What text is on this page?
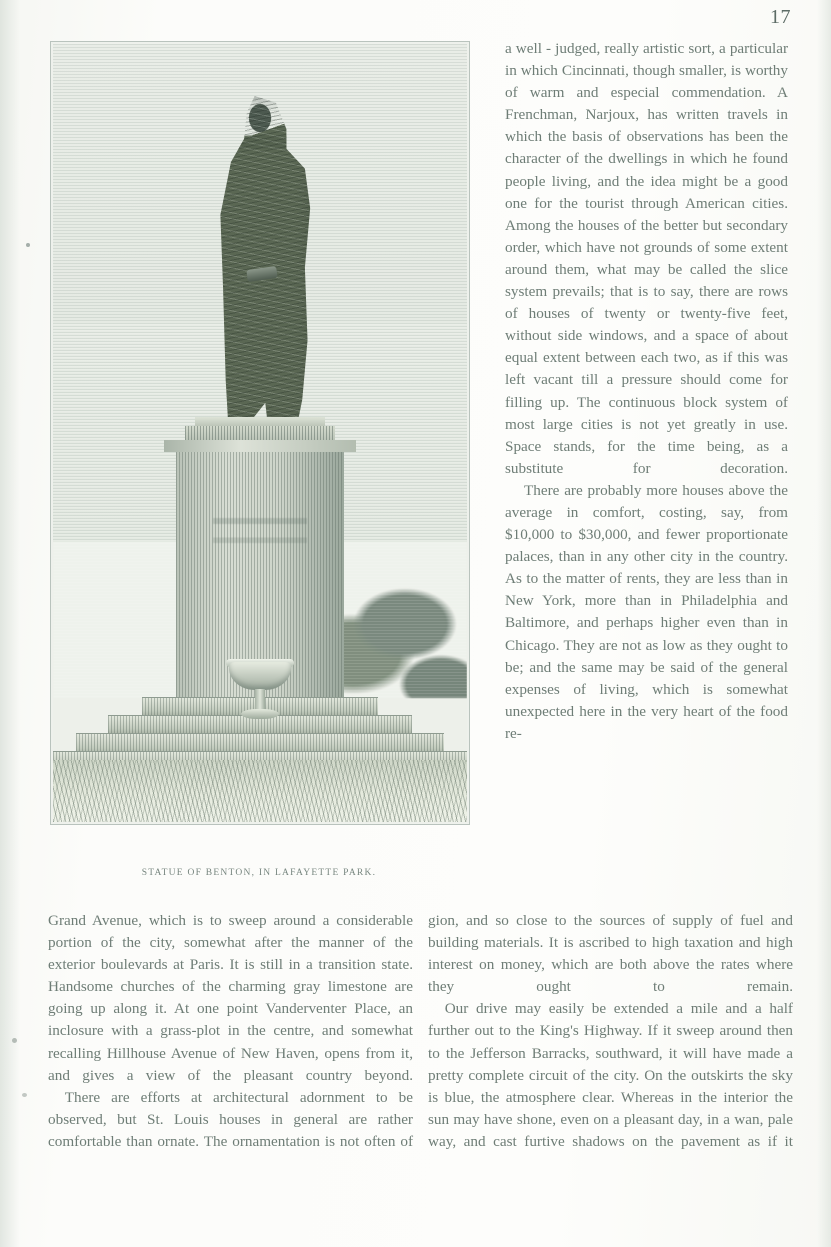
17
STATUE OF BENTON, IN LAFAYETTE PARK.

a well - judged, really artistic sort, a particular in which Cincinnati, though smaller, is worthy of warm and especial commendation. A Frenchman, Narjoux, has written travels in which the basis of observations has been the character of the dwellings in which he found people living, and the idea might be a good one for the tourist through American cities. Among the houses of the better but secondary order, which have not grounds of some extent around them, what may be called the slice system prevails; that is to say, there are rows of houses of twenty or twenty-five feet, without side windows, and a space of about equal extent between each two, as if this was left vacant till a pressure should come for filling up. The continuous block system of most large cities is not yet greatly in use. Space stands, for the time being, as a substitute for decoration.

There are probably more houses above the average in comfort, costing, say, from $10,000 to $30,000, and fewer proportionate palaces, than in any other city in the country. As to the matter of rents, they are less than in New York, more than in Philadelphia and Baltimore, and perhaps higher even than in Chicago. They are not as low as they ought to be; and the same may be said of the general expenses of living, which is somewhat unexpected here in the very heart of the food re-

Grand Avenue, which is to sweep around a considerable portion of the city, somewhat after the manner of the exterior boulevards at Paris. It is still in a transition state. Handsome churches of the charming gray limestone are going up along it. At one point Vanderventer Place, an inclosure with a grass-plot in the centre, and somewhat recalling Hillhouse Avenue of New Haven, opens from it, and gives a view of the pleasant country beyond.

There are efforts at architectural adornment to be observed, but St. Louis houses in general are rather comfortable than ornate. The ornamentation is not often of

gion, and so close to the sources of supply of fuel and building materials. It is ascribed to high taxation and high interest on money, which are both above the rates where they ought to remain.

Our drive may easily be extended a mile and a half further out to the King's Highway. If it sweep around then to the Jefferson Barracks, southward, it will have made a pretty complete circuit of the city. On the outskirts the sky is blue, the atmosphere clear. Whereas in the interior the sun may have shone, even on a pleasant day, in a wan, pale way, and cast furtive shadows on the pavement as if it
